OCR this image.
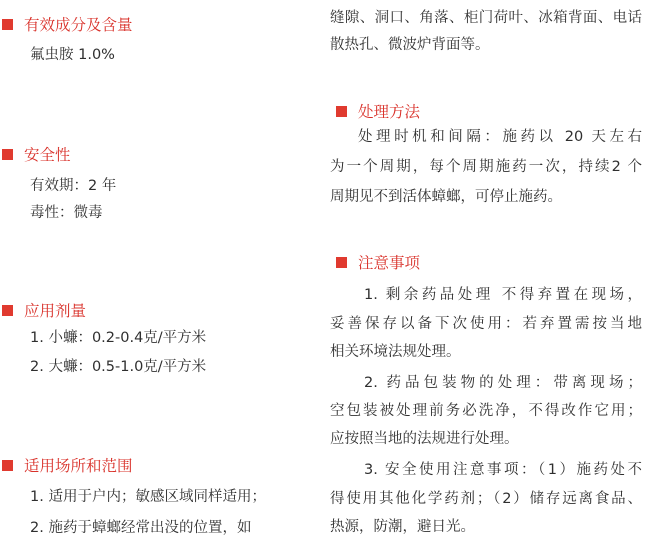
有效成分及含量
氟虫胺 1.0%
安全性
有效期：2 年
毒性：微毒
应用剂量
1. 小蠊：0.2-0.4克/平方米
2. 大蠊：0.5-1.0克/平方米
适用场所和范围
1. 适用于户内；敏感区域同样适用；
2. 施药于蟑螂经常出没的位置，如
缝隙、洞口、角落、柜门荷叶、冰箱背面、电话
散热孔、微波炉背面等。
处理方法
处理时机和间隔：施药以 20 天左右
为一个周期，每个周期施药一次，持续2 个
周期见不到活体蟑螂，可停止施药。
注意事项
1. 剩余药品处理 不得弃置在现场，
妥善保存以备下次使用：若弃置需按当地
相关环境法规处理。
2. 药品包装物的处理：带离现场；
空包装被处理前务必洗净，不得改作它用；
应按照当地的法规进行处理。
3. 安全使用注意事项：（1）施药处不
得使用其他化学药剂；（2）储存远离食品、
热源，防潮，避日光。
